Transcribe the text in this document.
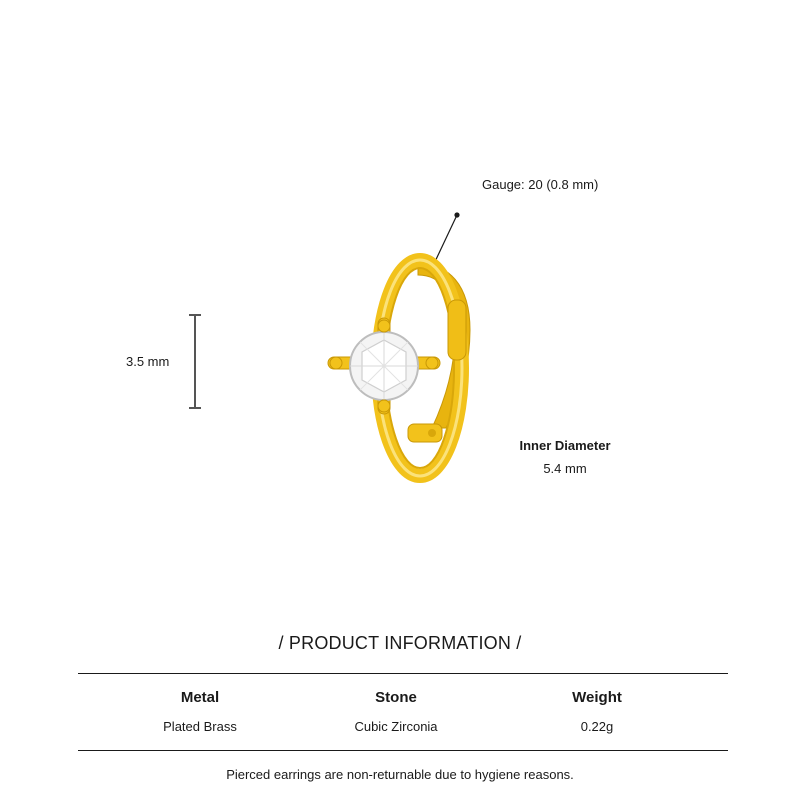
Gauge: 20 (0.8 mm)
3.5 mm
Inner Diameter
5.4 mm
/ PRODUCT INFORMATION /
Metal
Plated Brass
Stone
Cubic Zirconia
Weight
0.22g
Pierced earrings are non-returnable due to hygiene reasons.
